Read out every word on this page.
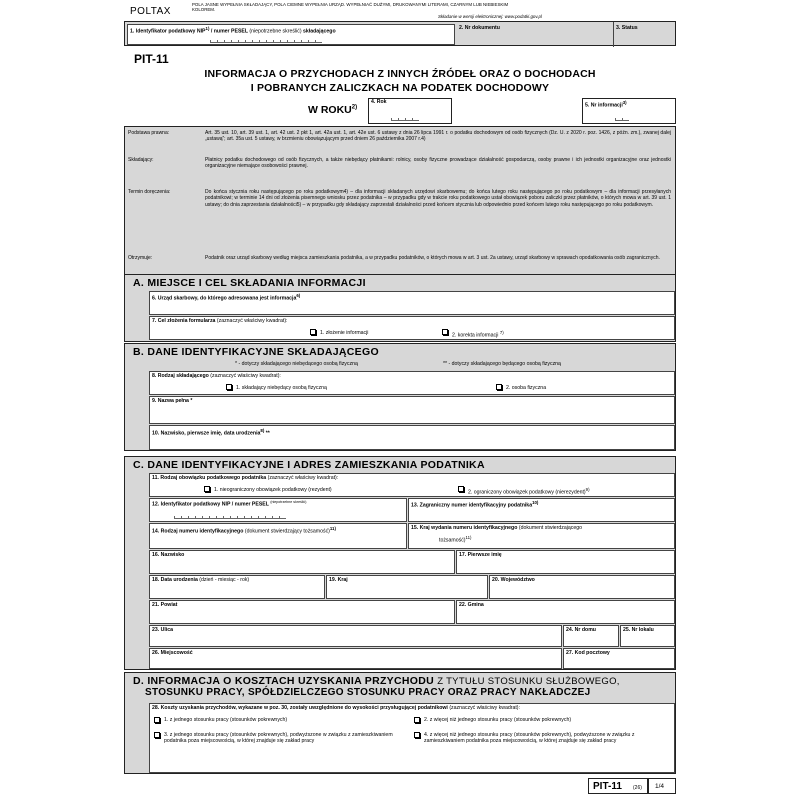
POLTAX
POLA JASNE WYPEŁNIA SKŁADAJĄCY, POLA CIEMNE WYPEŁNIA URZĄD. WYPEŁNIAĆ DUŻYMI, DRUKOWANYMI LITERAMI, CZARNYM LUB NIEBIESKIM KOLOREM.
Składanie w wersji elektronicznej: www.podatki.gov.pl
1. Identyfikator podatkowy NIP$^{1)}$ / numer PESEL (niepotrzebne skreślić) składającego
2. Nr dokumentu	3. Status
PIT-11
INFORMACJA O PRZYCHODACH Z INNYCH ŹRÓDEŁ ORAZ O DOCHODACH
I POBRANYCH ZALICZKACH NA PODATEK DOCHODOWY
W ROKU$^{2)}$
4. Rok
5. Nr informacji$^{3)}$
Podstawa prawna:	Art. 35 ust. 10, art. 39 ust. 1, art. 42 ust. 2 pkt 1, art. 42a ust. 1, art. 42e ust. 6 ustawy z dnia 26 lipca 1991 r. o podatku dochodowym od osób fizycznych (Dz. U. z 2020 r. poz. 1426, z późn. zm.), zwanej dalej „ustawą”; art. 35a ust. 5 ustawy, w brzmieniu obowiązującym przed dniem 26 października 2007 r.4)
Składający:	Płatnicy podatku dochodowego od osób fizycznych, a także niebędący płatnikami: rolnicy, osoby fizyczne prowadzące działalność gospodarczą, osoby prawne i ich jednostki organizacyjne oraz jednostki organizacyjne niemające osobowości prawnej.
Termin doręczenia:	Do końca stycznia roku następującego po roku podatkowym4) – dla informacji składanych urzędowi skarbowemu; do końca lutego roku następującego po roku podatkowym – dla informacji przesyłanych podatnikowi; w terminie 14 dni od złożenia pisemnego wniosku przez podatnika – w przypadku gdy w trakcie roku podatkowego ustał obowiązek poboru zaliczki przez płatników, o których mowa w art. 39 ust. 1 ustawy; do dnia zaprzestania działalności5) – w przypadku gdy składający zaprzestali działalności przed końcem stycznia lub odpowiednio przed końcem lutego roku następującego po roku podatkowym.
Otrzymuje:	Podatnik oraz urząd skarbowy według miejsca zamieszkania podatnika, a w przypadku podatników, o których mowa w art. 3 ust. 2a ustawy, urząd skarbowy w sprawach opodatkowania osób zagranicznych.
A. MIEJSCE I CEL SKŁADANIA INFORMACJI
6. Urząd skarbowy, do którego adresowana jest informacja$^{6)}$
7. Cel złożenia formularza (zaznaczyć właściwy kwadrat):
1. złożenie informacji	2. korekta informacji $^{7)}$
B. DANE IDENTYFIKACYJNE SKŁADAJĄCEGO
* - dotyczy składającego niebędącego osobą fizyczną	** - dotyczy składającego będącego osobą fizyczną
8. Rodzaj składającego (zaznaczyć właściwy kwadrat):
1. składający niebędący osobą fizyczną	2. osoba fizyczna
9. Nazwa pełna *
10. Nazwisko, pierwsze imię, data urodzenia$^{8)}$ **
C. DANE IDENTYFIKACYJNE I ADRES ZAMIESZKANIA PODATNIKA
11. Rodzaj obowiązku podatkowego podatnika (zaznaczyć właściwy kwadrat):
1. nieograniczony obowiązek podatkowy (rezydent)	2. ograniczony obowiązek podatkowy (nierezydent)$^{9)}$
12. Identyfikator podatkowy NIP / numer PESEL $^{(niepotrzebne skreślić)}$
13. Zagraniczny numer identyfikacyjny podatnika$^{10)}$
14. Rodzaj numeru identyfikacyjnego (dokument stwierdzający tożsamość)$^{11)}$	15. Kraj wydania numeru identyfikacyjnego (dokument stwierdzającego
tożsamość)$^{11)}$
16. Nazwisko	17. Pierwsze imię
18. Data urodzenia (dzień - miesiąc - rok)	19. Kraj	20. Województwo
21. Powiat	22. Gmina
23. Ulica	24. Nr domu	25. Nr lokalu
26. Miejscowość	27. Kod pocztowy
D. INFORMACJA O KOSZTACH UZYSKANIA PRZYCHODU Z TYTUŁU STOSUNKU SŁUŻBOWEGO,
STOSUNKU PRACY, SPÓŁDZIELCZEGO STOSUNKU PRACY ORAZ PRACY NAKŁADCZEJ
28. Koszty uzyskania przychodów, wykazane w poz. 30, zostały uwzględnione do wysokości przysługującej podatnikowi (zaznaczyć właściwy kwadrat):
1. z jednego stosunku pracy (stosunków pokrewnych)	2. z więcej niż jednego stosunku pracy (stosunków pokrewnych)
3. z jednego stosunku pracy (stosunków pokrewnych), podwyższone w związku z zamieszkiwaniem podatnika poza miejscowością, w której znajduje się zakład pracy
4. z więcej niż jednego stosunku pracy (stosunków pokrewnych), podwyższone w związku z zamieszkiwaniem podatnika poza miejscowością, w której znajduje się zakład pracy
PIT-11 (26) 1/4
